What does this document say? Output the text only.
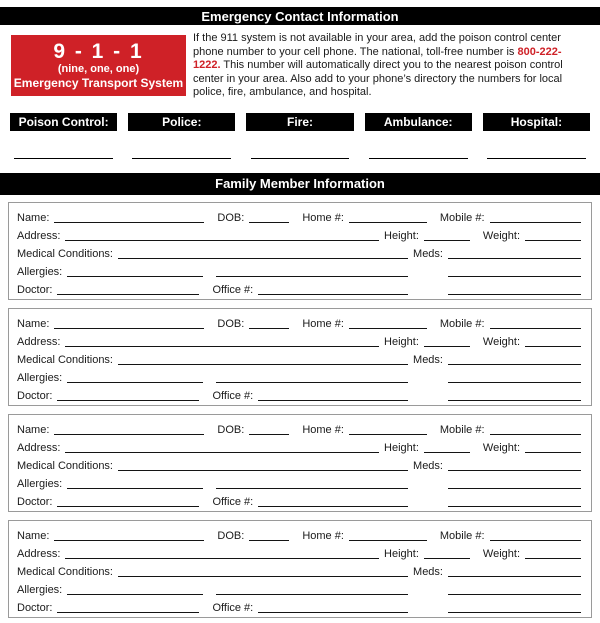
Emergency Contact Information
9 - 1 - 1
(nine, one, one)
Emergency Transport System
If the 911 system is not available in your area, add the poison control center phone number to your cell phone. The national, toll-free number is 800-222-1222. This number will automatically direct you to the nearest poison control center in your area. Also add to your phone’s directory the numbers for local police, fire, ambulance, and hospital.
Poison Control:	Police:	Fire:	Ambulance:	Hospital:
Family Member Information
Name:	DOB:	Home #:	Mobile #:
Address:	Height:	Weight:
Medical Conditions:	Meds:
Allergies:
Doctor:	Office #:
Name:	DOB:	Home #:	Mobile #:
Address:	Height:	Weight:
Medical Conditions:	Meds:
Allergies:
Doctor:	Office #:
Name:	DOB:	Home #:	Mobile #:
Address:	Height:	Weight:
Medical Conditions:	Meds:
Allergies:
Doctor:	Office #:
Name:	DOB:	Home #:	Mobile #:
Address:	Height:	Weight:
Medical Conditions:	Meds:
Allergies:
Doctor:	Office #:
